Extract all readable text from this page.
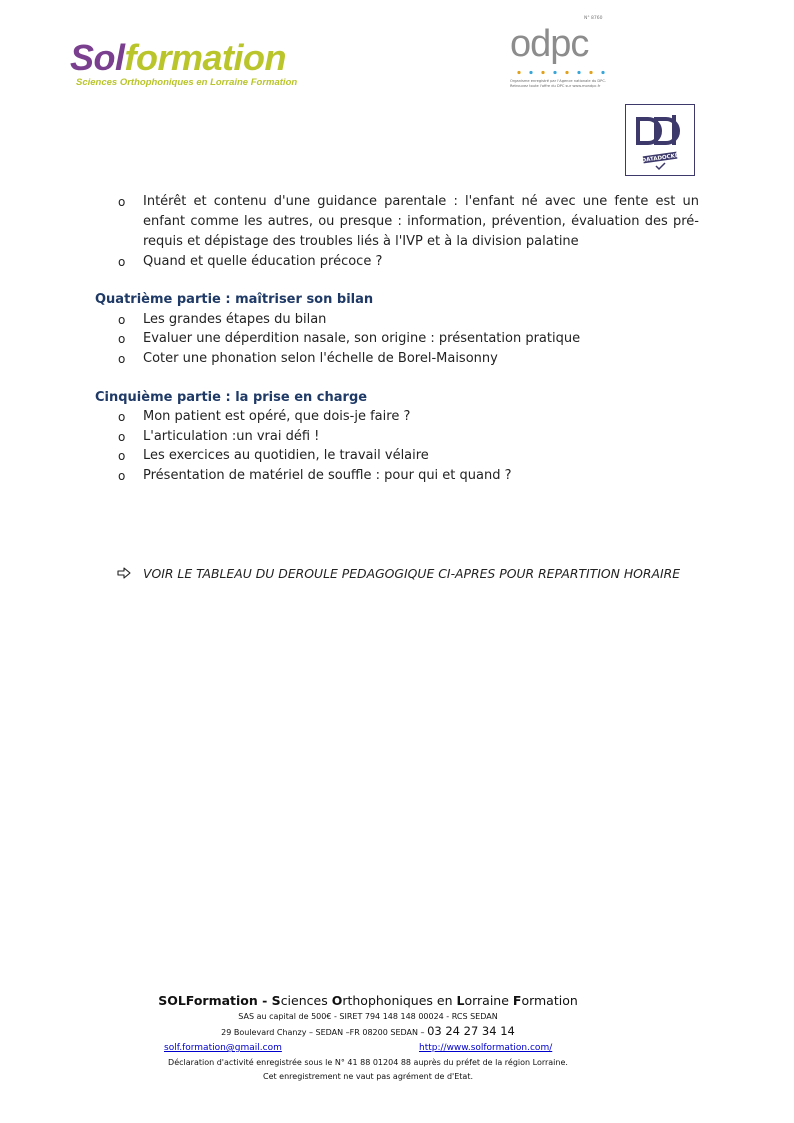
Solformation
Sciences Orthophoniques en Lorraine Formation
N° 8760
odpc
Organisme enregistré par l'Agence nationale du DPC. Retrouvez toute l'offre du DPC sur www.mondpc.fr
DATADOCKÉ
o Intérêt et contenu d'une guidance parentale : l'enfant né avec une fente est un
enfant comme les autres, ou presque : information, prévention, évaluation des pré-
requis et dépistage des troubles liés à l'IVP et à la division palatine
o Quand et quelle éducation précoce ?
Quatrième partie : maîtriser son bilan
o Les grandes étapes du bilan
o Evaluer une déperdition nasale, son origine : présentation pratique
o Coter une phonation selon l'échelle de Borel-Maisonny
Cinquième partie : la prise en charge
o Mon patient est opéré, que dois-je faire ?
o L'articulation :un vrai défi !
o Les exercices au quotidien, le travail vélaire
o Présentation de matériel de souffle : pour qui et quand ?
VOIR LE TABLEAU DU DEROULE PEDAGOGIQUE CI-APRES POUR REPARTITION HORAIRE
SOLFormation - Sciences Orthophoniques en Lorraine Formation
SAS au capital de 500€ - SIRET 794 148 148 00024 - RCS SEDAN
29 Boulevard Chanzy – SEDAN –FR 08200 SEDAN – 03 24 27 34 14
solf.formation@gmail.com	http://www.solformation.com/
Déclaration d'activité enregistrée sous le N° 41 88 01204 88 auprès du préfet de la région Lorraine.
Cet enregistrement ne vaut pas agrément de d'Etat.
